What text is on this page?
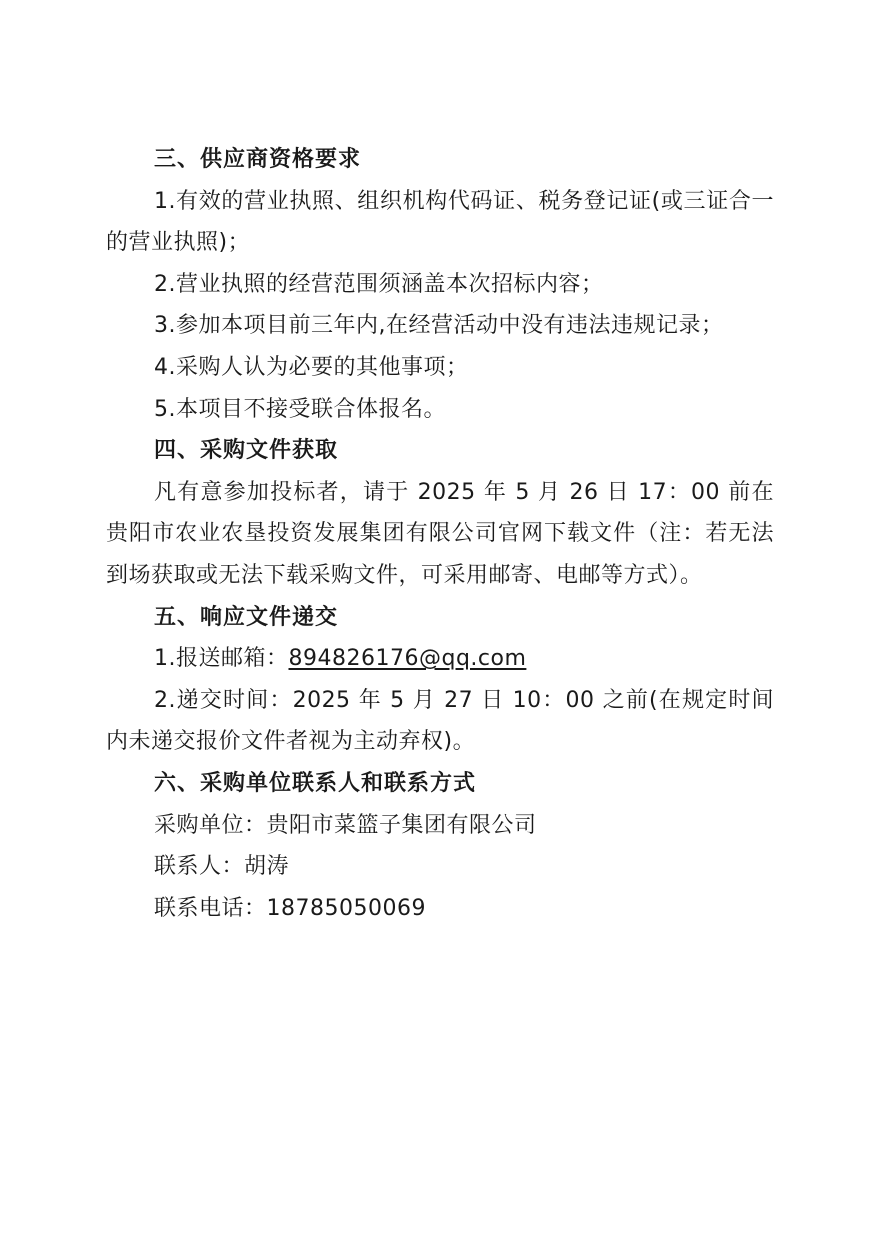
三、供应商资格要求
1.有效的营业执照、组织机构代码证、税务登记证(或三证合一的营业执照)；
2.营业执照的经营范围须涵盖本次招标内容；
3.参加本项目前三年内,在经营活动中没有违法违规记录；
4.采购人认为必要的其他事项；
5.本项目不接受联合体报名。
四、采购文件获取
凡有意参加投标者，请于 2025 年 5 月 26 日 17：00 前在贵阳市农业农垦投资发展集团有限公司官网下载文件（注：若无法到场获取或无法下载采购文件，可采用邮寄、电邮等方式）。
五、响应文件递交
1.报送邮箱：894826176@qq.com
2.递交时间：2025 年 5 月 27 日 10：00 之前(在规定时间内未递交报价文件者视为主动弃权)。
六、采购单位联系人和联系方式
采购单位：贵阳市菜篮子集团有限公司
联系人：胡涛
联系电话：18785050069
